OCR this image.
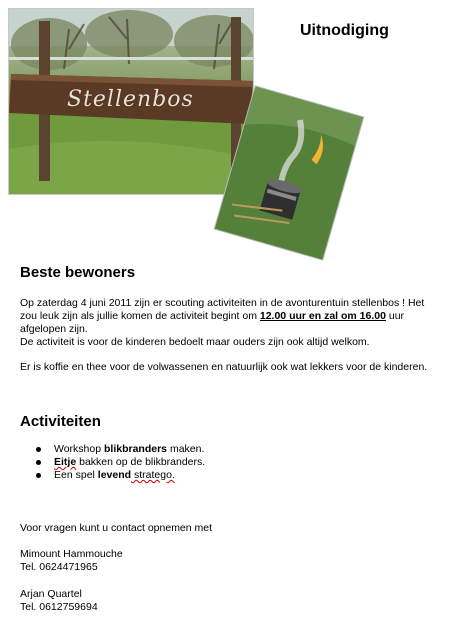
Stellenbos
Uitnodiging
Beste bewoners

Op zaterdag 4 juni 2011 zijn er scouting activiteiten in de avonturentuin stellenbos ! Het zou leuk zijn als jullie komen de activiteit begint om 12.00 uur en zal om 16.00 uur afgelopen zijn.
De activiteit is voor de kinderen bedoelt maar ouders zijn ook altijd welkom.

Er is koffie en thee voor de volwassenen en natuurlijk ook wat lekkers voor de kinderen.

Activiteiten
Workshop blikbranders maken.
Eitje bakken op de blikbranders.
Een spel levend stratego.
Voor vragen kunt u contact opnemen met
Mimount Hammouche
Tel. 0624471965
Arjan Quartel
Tel. 0612759694
